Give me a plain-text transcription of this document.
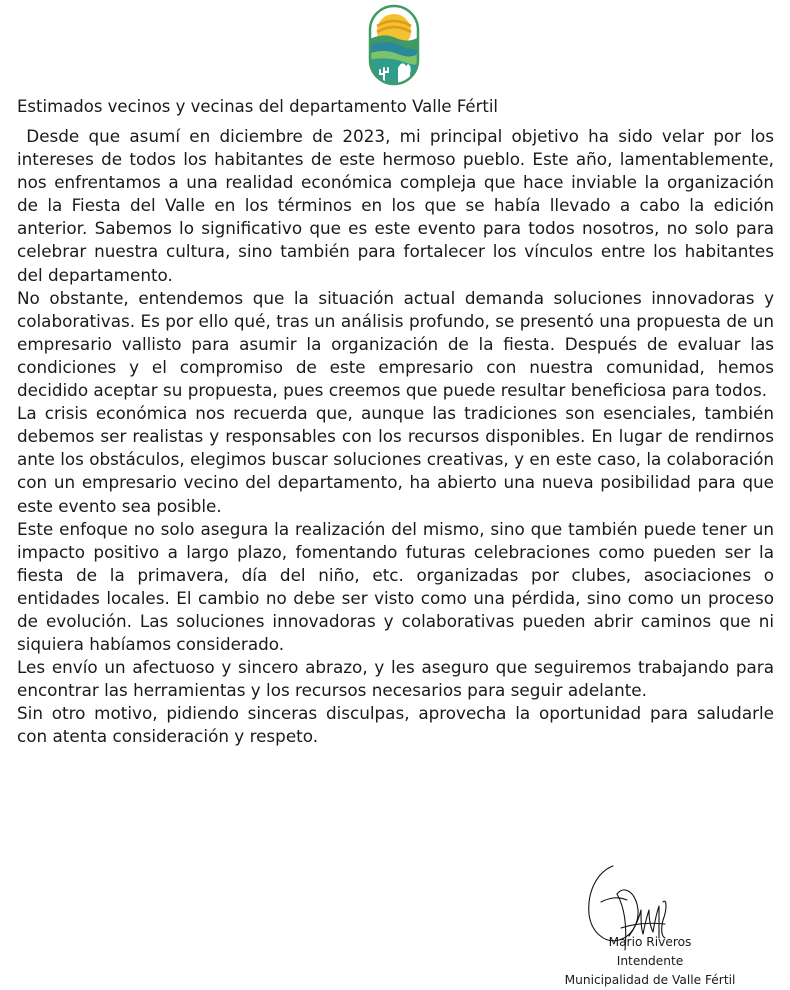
Estimados vecinos y vecinas del departamento Valle Fértil

Desde que asumí en diciembre de 2023, mi principal objetivo ha sido velar por los intereses de todos los habitantes de este hermoso pueblo. Este año, lamentablemente, nos enfrentamos a una realidad económica compleja que hace inviable la organización de la Fiesta del Valle en los términos en los que se había llevado a cabo la edición anterior. Sabemos lo significativo que es este evento para todos nosotros, no solo para celebrar nuestra cultura, sino también para fortalecer los vínculos entre los habitantes del departamento.

No obstante, entendemos que la situación actual demanda soluciones innovadoras y colaborativas. Es por ello qué, tras un análisis profundo, se presentó una propuesta de un empresario vallisto para asumir la organización de la fiesta. Después de evaluar las condiciones y el compromiso de este empresario con nuestra comunidad, hemos decidido aceptar su propuesta, pues creemos que puede resultar beneficiosa para todos.

La crisis económica nos recuerda que, aunque las tradiciones son esenciales, también debemos ser realistas y responsables con los recursos disponibles. En lugar de rendirnos ante los obstáculos, elegimos buscar soluciones creativas, y en este caso, la colaboración con un empresario vecino del departamento, ha abierto una nueva posibilidad para que este evento sea posible.

Este enfoque no solo asegura la realización del mismo, sino que también puede tener un impacto positivo a largo plazo, fomentando futuras celebraciones como pueden ser la fiesta de la primavera, día del niño, etc. organizadas por clubes, asociaciones o entidades locales. El cambio no debe ser visto como una pérdida, sino como un proceso de evolución. Las soluciones innovadoras y colaborativas pueden abrir caminos que ni siquiera habíamos considerado.

Les envío un afectuoso y sincero abrazo, y les aseguro que seguiremos trabajando para encontrar las herramientas y los recursos necesarios para seguir adelante.

Sin otro motivo, pidiendo sinceras disculpas, aprovecha la oportunidad para saludarle con atenta consideración y respeto.

Mario Riveros
Intendente
Municipalidad de Valle Fértil
